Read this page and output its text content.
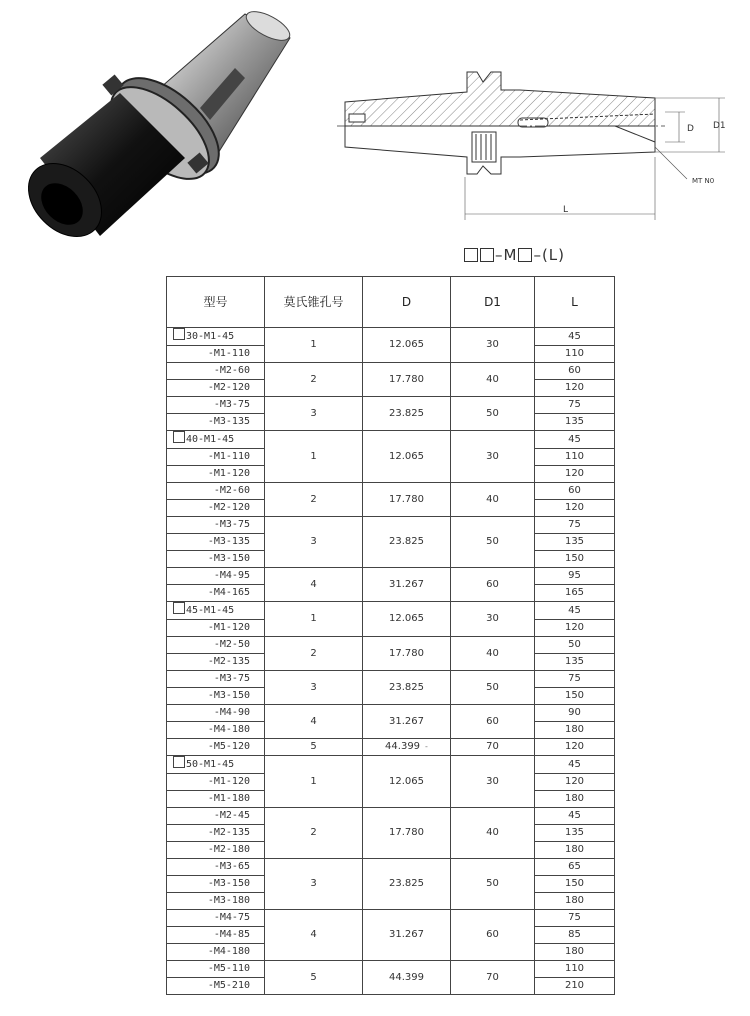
D1
D
MT N0
L
–M –(L)
型号	莫氏锥孔号	D	D1	L
30-M1-45	1	12.065	30	45
-M1-110				110
-M2-60	2	17.780	40	60
-M2-120				120
-M3-75	3	23.825	50	75
-M3-135				135
40-M1-45	1	12.065	30	45
-M1-110				110
-M1-120				120
-M2-60	2	17.780	40	60
-M2-120				120
-M3-75	3	23.825	50	75
-M3-135				135
-M3-150				150
-M4-95	4	31.267	60	95
-M4-165				165
45-M1-45	1	12.065	30	45
-M1-120				120
-M2-50	2	17.780	40	50
-M2-135				135
-M3-75	3	23.825	50	75
-M3-150				150
-M4-90	4	31.267	60	90
-M4-180				180
-M5-120	5	44.399 -	70	120
50-M1-45	1	12.065	30	45
-M1-120				120
-M1-180				180
-M2-45	2	17.780	40	45
-M2-135				135
-M2-180				180
-M3-65	3	23.825	50	65
-M3-150				150
-M3-180				180
-M4-75	4	31.267	60	75
-M4-85				85
-M4-180				180
-M5-110	5	44.399	70	110
-M5-210				210
